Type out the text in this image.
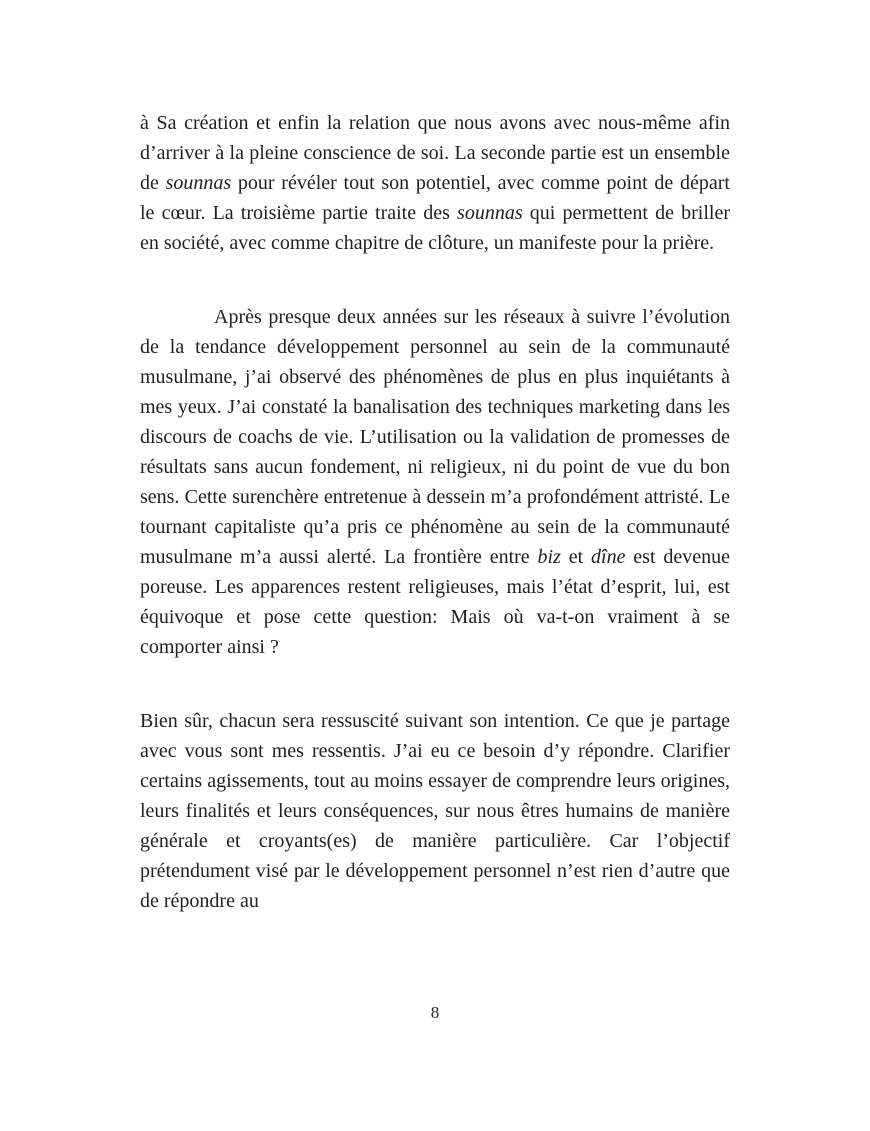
à Sa création et enfin la relation que nous avons avec nous-même afin d’arriver à la pleine conscience de soi. La seconde partie est un ensemble de sounnas pour révéler tout son potentiel, avec comme point de départ le cœur. La troisième partie traite des sounnas qui permettent de briller en société, avec comme chapitre de clôture, un manifeste pour la prière.

Après presque deux années sur les réseaux à suivre l’évolution de la tendance développement personnel au sein de la communauté musulmane, j’ai observé des phénomènes de plus en plus inquiétants à mes yeux. J’ai constaté la banalisation des techniques marketing dans les discours de coachs de vie. L’utilisation ou la validation de promesses de résultats sans aucun fondement, ni religieux, ni du point de vue du bon sens. Cette surenchère entretenue à dessein m’a profondément attristé. Le tournant capitaliste qu’a pris ce phénomène au sein de la communauté musulmane m’a aussi alerté. La frontière entre biz et dîne est devenue poreuse. Les apparences restent religieuses, mais l’état d’esprit, lui, est équivoque et pose cette question: Mais où va-t-on vraiment à se comporter ainsi ?

Bien sûr, chacun sera ressuscité suivant son intention. Ce que je partage avec vous sont mes ressentis. J’ai eu ce besoin d’y répondre. Clarifier certains agissements, tout au moins essayer de comprendre leurs origines, leurs finalités et leurs conséquences, sur nous êtres humains de manière générale et croyants(es) de manière particulière. Car l’objectif prétendument visé par le développement personnel n’est rien d’autre que de répondre au

8
